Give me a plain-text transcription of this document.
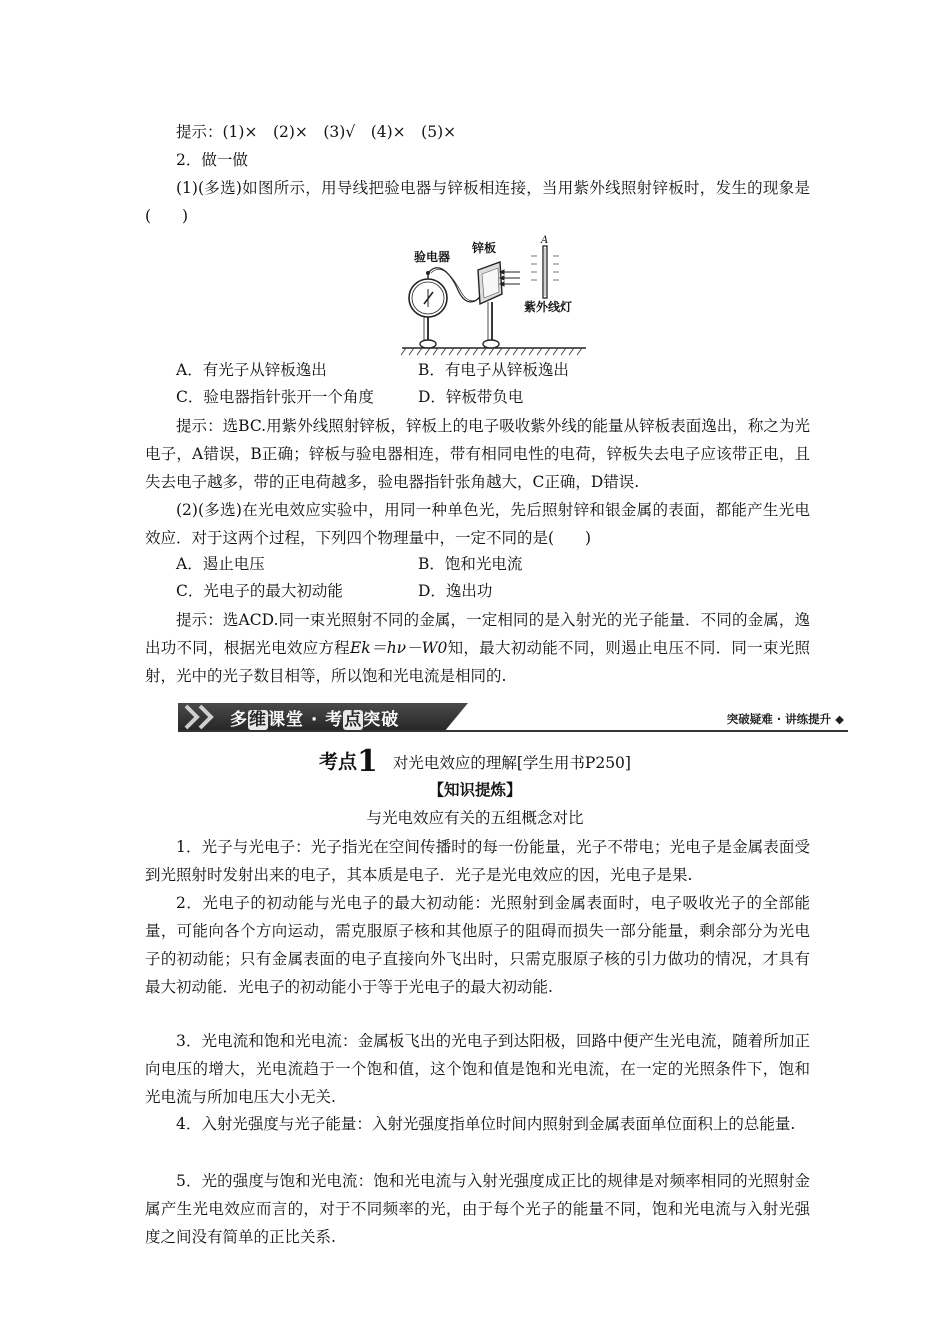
提示：(1)×　(2)×　(3)√　(4)×　(5)×

2．做一做

(1)(多选)如图所示，用导线把验电器与锌板相连接，当用紫外线照射锌板时，发生的现象是(　　)

验电器
锌板
紫外线灯
A
A．有光子从锌板逸出	B．有电子从锌板逸出
C．验电器指针张开一个角度	D．锌板带负电

提示：选BC.用紫外线照射锌板，锌板上的电子吸收紫外线的能量从锌板表面逸出，称之为光电子，A错误，B正确；锌板与验电器相连，带有相同电性的电荷，锌板失去电子应该带正电，且失去电子越多，带的正电荷越多，验电器指针张角越大，C正确，D错误.

(2)(多选)在光电效应实验中，用同一种单色光，先后照射锌和银金属的表面，都能产生光电效应．对于这两个过程，下列四个物理量中，一定不同的是(　　)

A．遏止电压	B．饱和光电流
C．光电子的最大初动能	D．逸出功

提示：选ACD.同一束光照射不同的金属，一定相同的是入射光的光子能量．不同的金属，逸出功不同，根据光电效应方程Ek＝hν－W0知，最大初动能不同，则遏止电压不同．同一束光照射，光中的光子数目相等，所以饱和光电流是相同的.

多维课堂 · 考点突破	突破疑难 · 讲练提升 ◆
考点1 对光电效应的理解[学生用书P250]
【知识提炼】
与光电效应有关的五组概念对比

1．光子与光电子：光子指光在空间传播时的每一份能量，光子不带电；光电子是金属表面受到光照射时发射出来的电子，其本质是电子．光子是光电效应的因，光电子是果.

2．光电子的初动能与光电子的最大初动能：光照射到金属表面时，电子吸收光子的全部能量，可能向各个方向运动，需克服原子核和其他原子的阻碍而损失一部分能量，剩余部分为光电子的初动能；只有金属表面的电子直接向外飞出时，只需克服原子核的引力做功的情况，才具有最大初动能．光电子的初动能小于等于光电子的最大初动能.

3．光电流和饱和光电流：金属板飞出的光电子到达阳极，回路中便产生光电流，随着所加正向电压的增大，光电流趋于一个饱和值，这个饱和值是饱和光电流，在一定的光照条件下，饱和光电流与所加电压大小无关.

4．入射光强度与光子能量：入射光强度指单位时间内照射到金属表面单位面积上的总能量.

5．光的强度与饱和光电流：饱和光电流与入射光强度成正比的规律是对频率相同的光照射金属产生光电效应而言的，对于不同频率的光，由于每个光子的能量不同，饱和光电流与入射光强度之间没有简单的正比关系.
